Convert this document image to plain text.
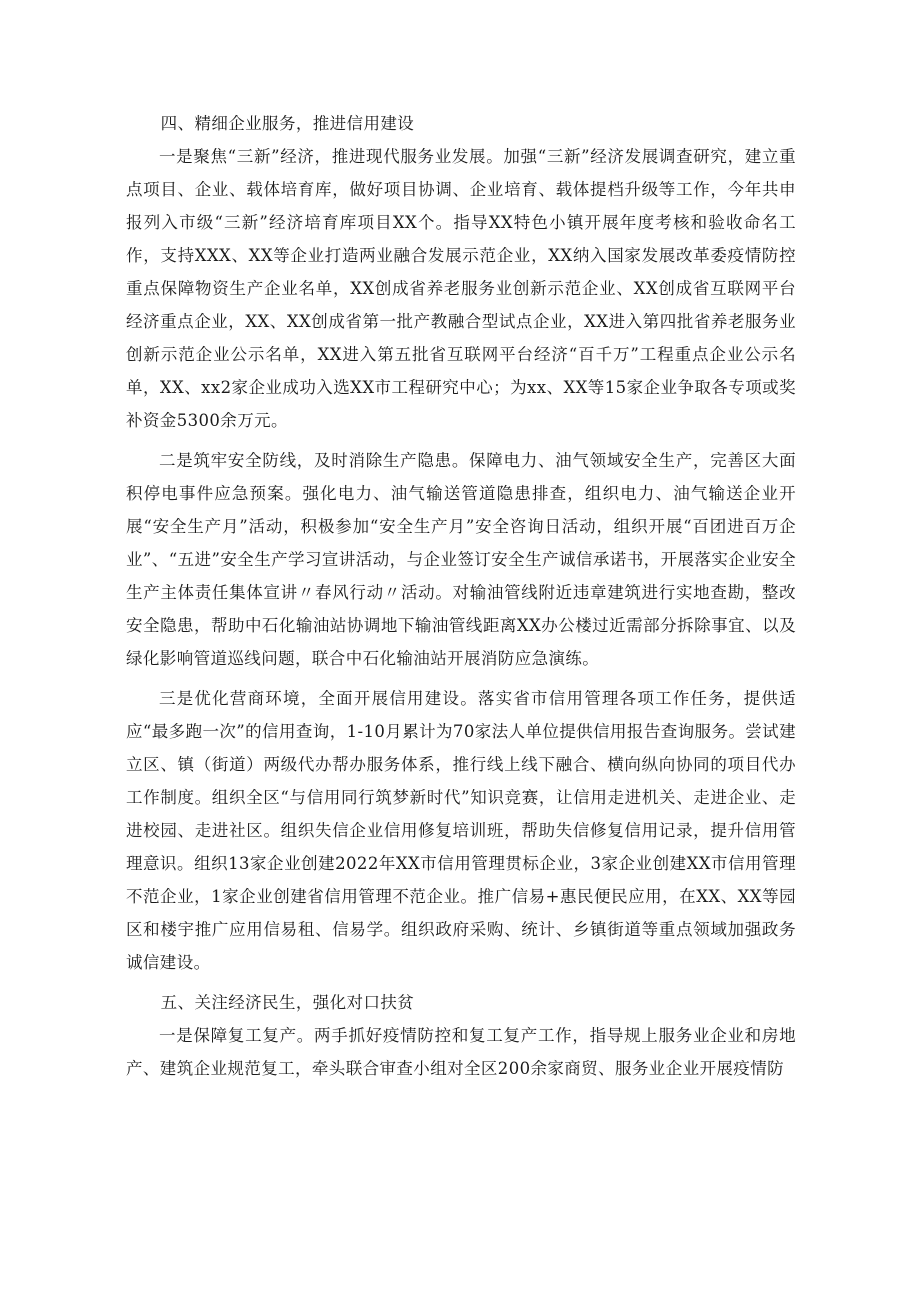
四、精细企业服务，推进信用建设

一是聚焦“三新”经济，推进现代服务业发展。加强“三新”经济发展调查研究，建立重点项目、企业、载体培育库，做好项目协调、企业培育、载体提档升级等工作，今年共申报列入市级“三新”经济培育库项目XX个。指导XX特色小镇开展年度考核和验收命名工作，支持XXX、XX等企业打造两业融合发展示范企业，XX纳入国家发展改革委疫情防控重点保障物资生产企业名单，XX创成省养老服务业创新示范企业、XX创成省互联网平台经济重点企业，XX、XX创成省第一批产教融合型试点企业，XX进入第四批省养老服务业创新示范企业公示名单，XX进入第五批省互联网平台经济“百千万”工程重点企业公示名单，XX、xx2家企业成功入选XX市工程研究中心；为xx、XX等15家企业争取各专项或奖补资金5300余万元。

二是筑牢安全防线，及时消除生产隐患。保障电力、油气领域安全生产，完善区大面积停电事件应急预案。强化电力、油气输送管道隐患排查，组织电力、油气输送企业开展“安全生产月”活动，积极参加“安全生产月”安全咨询日活动，组织开展“百团进百万企业”、“五进”安全生产学习宣讲活动，与企业签订安全生产诚信承诺书，开展落实企业安全生产主体责任集体宣讲〃春风行动〃活动。对输油管线附近违章建筑进行实地查勘，整改安全隐患，帮助中石化输油站协调地下输油管线距离XX办公楼过近需部分拆除事宜、以及绿化影响管道巡线问题，联合中石化输油站开展消防应急演练。

三是优化营商环境，全面开展信用建设。落实省市信用管理各项工作任务，提供适应“最多跑一次”的信用查询，1-10月累计为70家法人单位提供信用报告查询服务。尝试建立区、镇（街道）两级代办帮办服务体系，推行线上线下融合、横向纵向协同的项目代办工作制度。组织全区“与信用同行筑梦新时代”知识竞赛，让信用走进机关、走进企业、走进校园、走进社区。组织失信企业信用修复培训班，帮助失信修复信用记录，提升信用管理意识。组织13家企业创建2022年XX市信用管理贯标企业，3家企业创建XX市信用管理不范企业，1家企业创建省信用管理不范企业。推广信易+惠民便民应用，在XX、XX等园区和楼宇推广应用信易租、信易学。组织政府采购、统计、乡镇街道等重点领域加强政务诚信建设。

五、关注经济民生，强化对口扶贫

一是保障复工复产。两手抓好疫情防控和复工复产工作，指导规上服务业企业和房地产、建筑企业规范复工，牵头联合审查小组对全区200余家商贸、服务业企业开展疫情防
